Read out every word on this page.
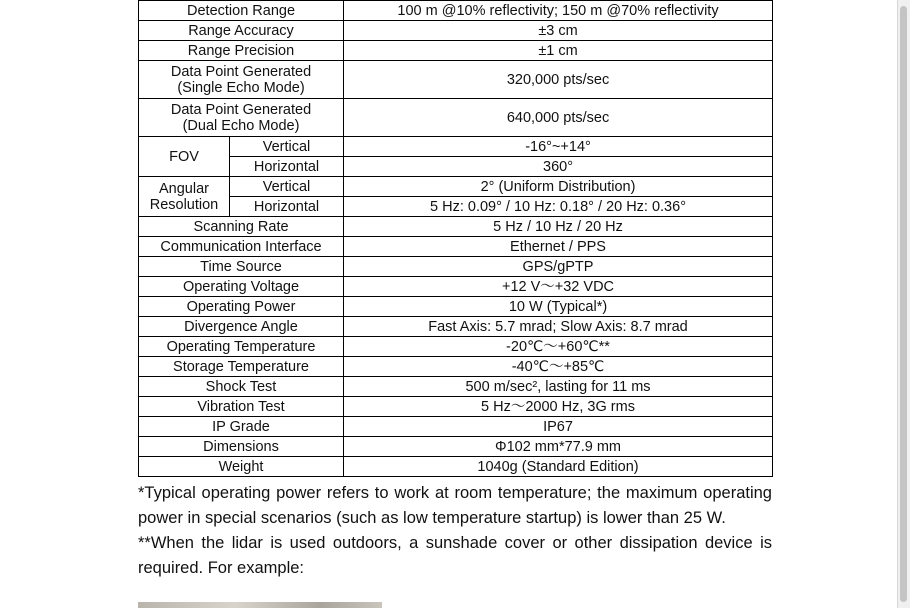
Detection Range		100 m @10% reflectivity; 150 m @70% reflectivity
Range Accuracy		±3 cm
Range Precision		±1 cm

Data Point Generated
(Single Echo Mode)		320,000 pts/sec

Data Point Generated
(Dual Echo Mode)		640,000 pts/sec
FOV	Vertical	-16°~+14°
	Horizontal	360°

Angular
Resolution	Vertical	2° (Uniform Distribution)
	Horizontal	5 Hz: 0.09° / 10 Hz: 0.18° / 20 Hz: 0.36°
Scanning Rate		5 Hz / 10 Hz / 20 Hz
Communication Interface		Ethernet / PPS
Time Source		GPS/gPTP
Operating Voltage		+12 V～+32 VDC
Operating Power		10 W (Typical*)
Divergence Angle		Fast Axis: 5.7 mrad; Slow Axis: 8.7 mrad
Operating Temperature		-20℃～+60℃**
Storage Temperature		-40℃～+85℃
Shock Test		500 m/sec², lasting for 11 ms
Vibration Test		5 Hz～2000 Hz, 3G rms
IP Grade		IP67
Dimensions		Φ102 mm*77.9 mm
Weight		1040g (Standard Edition)

*Typical operating power refers to work at room temperature; the maximum operating power in special scenarios (such as low temperature startup) is lower than 25 W.

**When the lidar is used outdoors, a sunshade cover or other dissipation device is required. For example:
